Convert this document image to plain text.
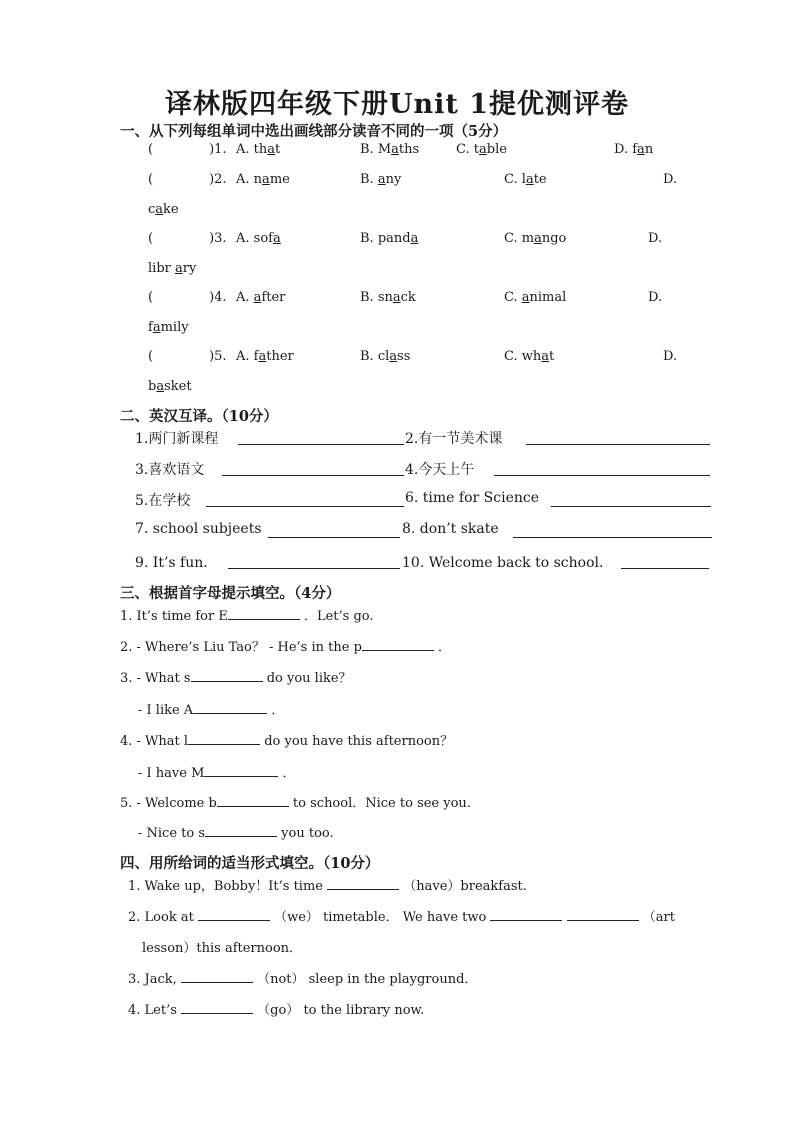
译林版四年级下册Unit 1提优测评卷
一、从下列每组单词中选出画线部分读音不同的一项（5分）
(	)1. A. that	B. Maths	C. table	D. fan
(	)2. A. name	B. any	C. late	D.
cake
(	)3. A. sofa	B. panda	C. mango	D.
libr ary
(	)4. A. after	B. snack	C. animal	D.
family
(	)5. A. father	B. class	C. what	D.
basket
二、英汉互译。（10分）
1.两门新课程	2.有一节美术课
3.喜欢语文	4.今天上午
5.在学校	6. time for Science
7. school subjeets	8. don’t skate
9. It’s fun．	10. Welcome back to school．
三、根据首字母提示填空。（4分）
1. It’s time for E	．Let’s go.
2. - Where’s Liu Tao？ - He’s in the p	．
3. - What s	do you like？
- I like A	．
4. - What l	do you have this afternoon？
- I have M	．
5. - Welcome b	to school．Nice to see you.
- Nice to s	you too.
四、用所给词的适当形式填空。（10分）
1. Wake up，Bobby！It’s time	（have）breakfast.
2. Look at	（we） timetable． We have two	（art
lesson）this afternoon．
3. Jack,	（not） sleep in the playground．
4. Let’s	（go） to the library now.
